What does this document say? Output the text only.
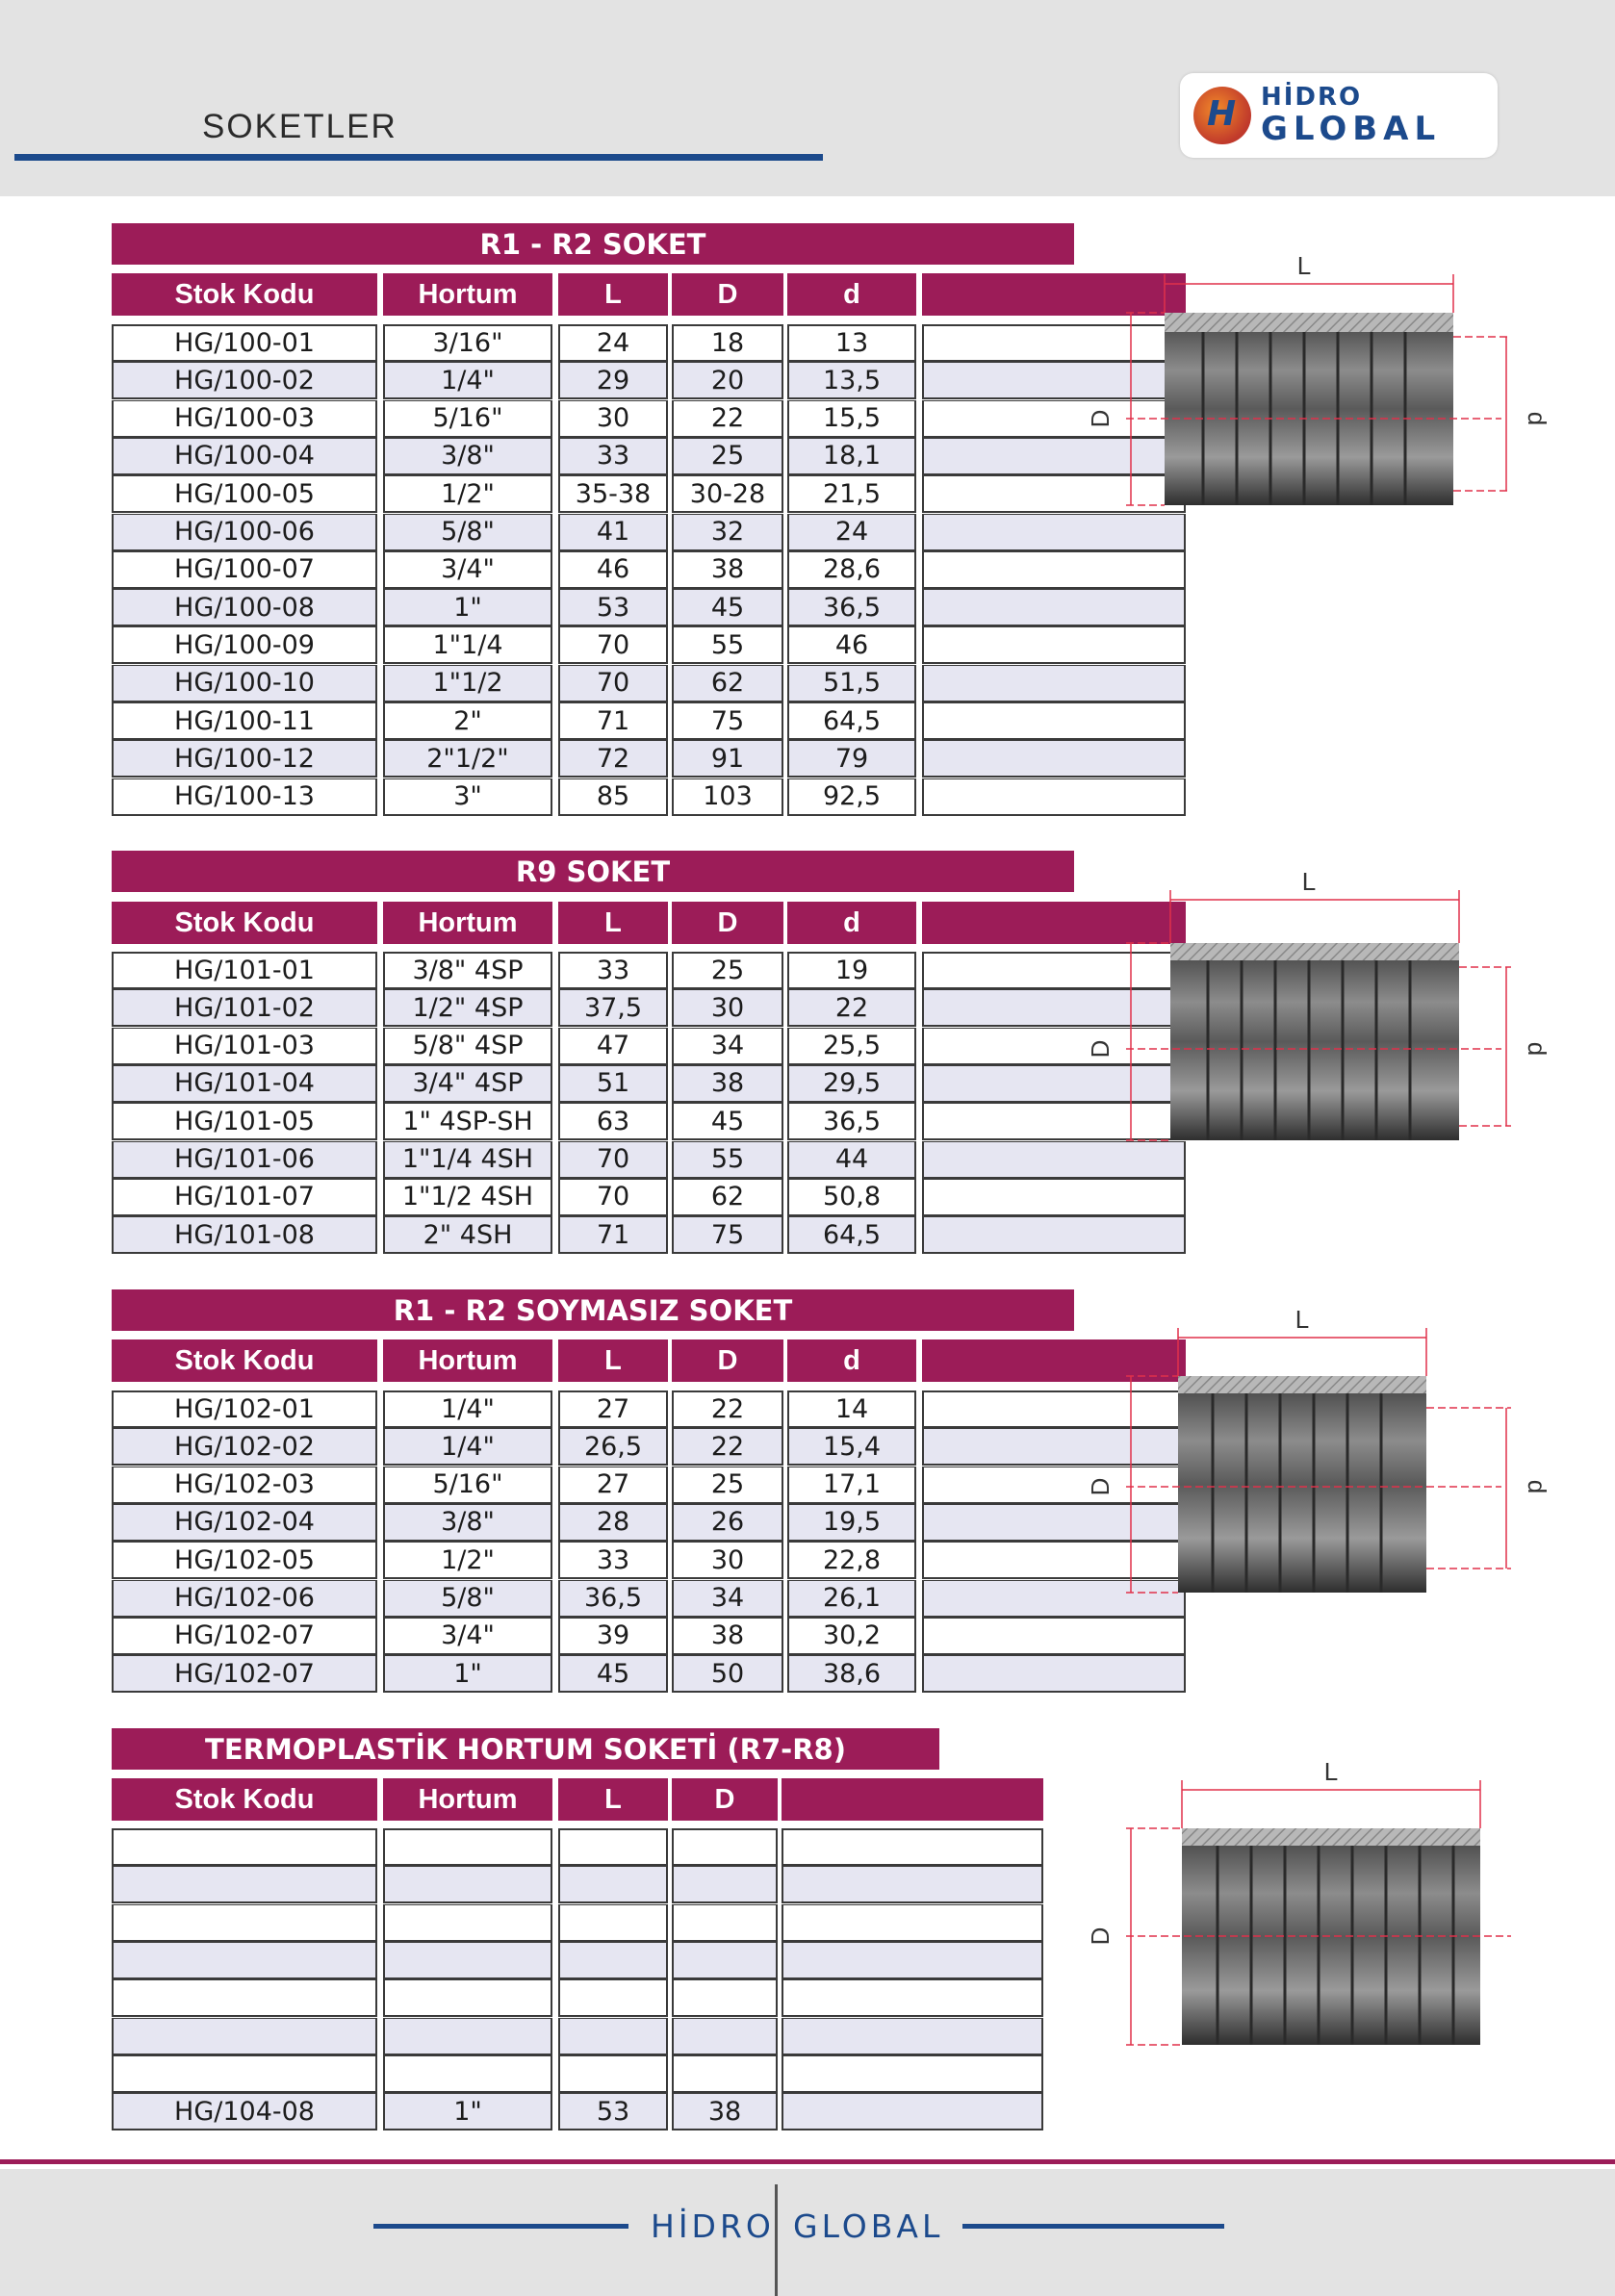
SOKETLER
H
HİDRO
GLOBAL
R1 - R2 SOKET
Stok Kodu	Hortum	L	D	d
HG/100-01	3/16"	24	18	13
HG/100-02	1/4"	29	20	13,5
HG/100-03	5/16"	30	22	15,5
HG/100-04	3/8"	33	25	18,1
HG/100-05	1/2"	35-38	30-28	21,5
HG/100-06	5/8"	41	32	24
HG/100-07	3/4"	46	38	28,6
HG/100-08	1"	53	45	36,5
HG/100-09	1"1/4	70	55	46
HG/100-10	1"1/2	70	62	51,5
HG/100-11	2"	71	75	64,5
HG/100-12	2"1/2"	72	91	79
HG/100-13	3"	85	103	92,5
R9 SOKET
Stok Kodu	Hortum	L	D	d
HG/101-01	3/8" 4SP	33	25	19
HG/101-02	1/2" 4SP	37,5	30	22
HG/101-03	5/8" 4SP	47	34	25,5
HG/101-04	3/4" 4SP	51	38	29,5
HG/101-05	1" 4SP-SH	63	45	36,5
HG/101-06	1"1/4 4SH	70	55	44
HG/101-07	1"1/2 4SH	70	62	50,8
HG/101-08	2" 4SH	71	75	64,5
R1 - R2 SOYMASIZ SOKET
Stok Kodu	Hortum	L	D	d
HG/102-01	1/4"	27	22	14
HG/102-02	1/4"	26,5	22	15,4
HG/102-03	5/16"	27	25	17,1
HG/102-04	3/8"	28	26	19,5
HG/102-05	1/2"	33	30	22,8
HG/102-06	5/8"	36,5	34	26,1
HG/102-07	3/4"	39	38	30,2
HG/102-07	1"	45	50	38,6
TERMOPLASTİK HORTUM SOKETİ (R7-R8)
Stok Kodu	Hortum	L	D
HG/104-08	1"	53	38
L
D	d
L
D	d
L
D	d
L
D
HİDRO GLOBAL
